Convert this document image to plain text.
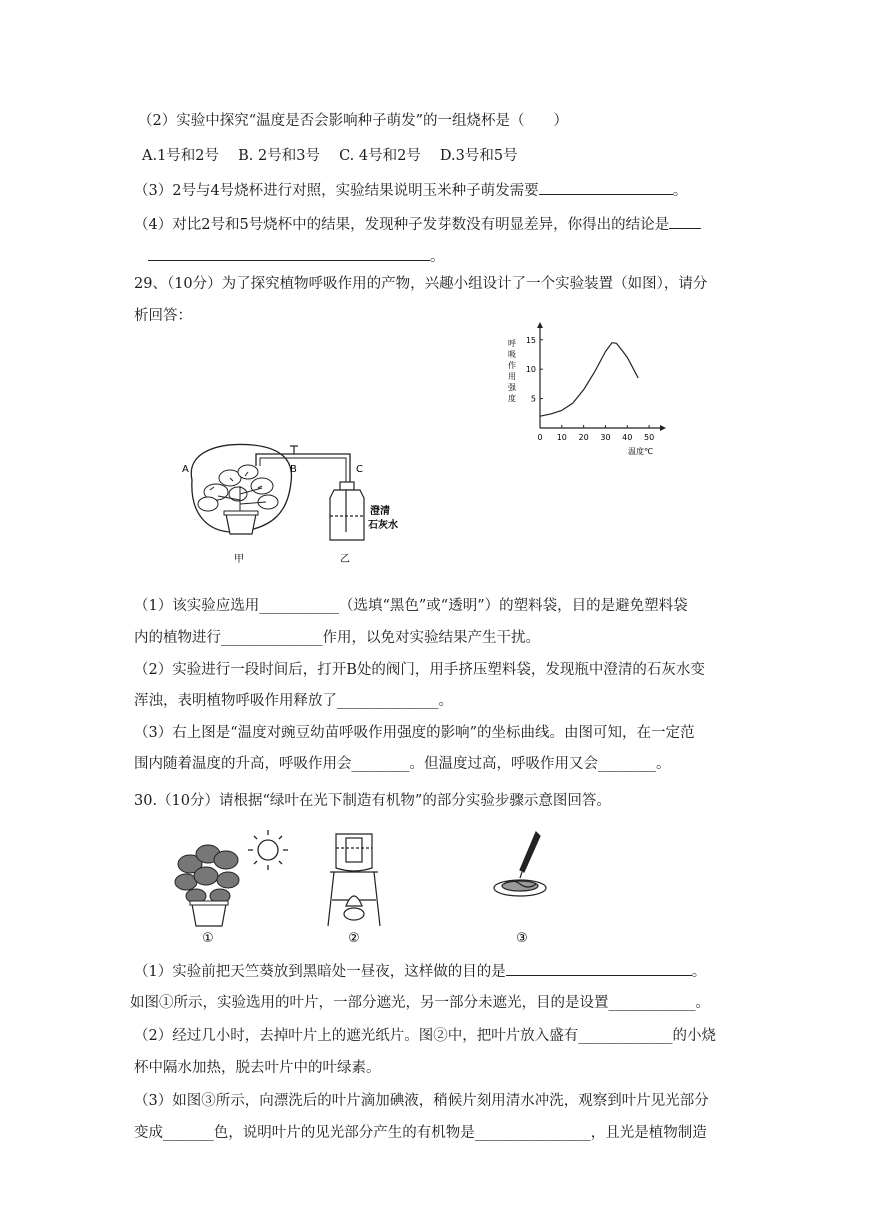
（2）实验中探究“温度是否会影响种子萌发”的一组烧杯是（　　）
A.1号和2号　 B. 2号和3号　 C. 4号和2号　 D.3号和5号
（3）2号与4号烧杯进行对照，实验结果说明玉米种子萌发需要	。
（4）对比2号和5号烧杯中的结果，发现种子发芽数没有明显差异，你得出的结论是
。
29、（10分）为了探究植物呼吸作用的产物，兴趣小组设计了一个实验装置（如图），请分
析回答：
0 10 20 30 40 50
5
10
15
呼
吸
作
用
强
度
温度℃
A	B	C
澄清
石灰水
甲	乙
（1）该实验应选用___________（选填“黑色”或“透明”）的塑料袋，目的是避免塑料袋
内的植物进行______________作用，以免对实验结果产生干扰。
（2）实验进行一段时间后，打开B处的阀门，用手挤压塑料袋，发现瓶中澄清的石灰水变
浑浊，表明植物呼吸作用释放了______________。
（3）右上图是“温度对豌豆幼苗呼吸作用强度的影响”的坐标曲线。由图可知，在一定范
围内随着温度的升高，呼吸作用会________。但温度过高，呼吸作用又会________。
30.（10分）请根据“绿叶在光下制造有机物”的部分实验步骤示意图回答。
①	②	③
（1）实验前把天竺葵放到黑暗处一昼夜，这样做的目的是	。
如图①所示，实验选用的叶片，一部分遮光，另一部分未遮光，目的是设置____________。
（2）经过几小时，去掉叶片上的遮光纸片。图②中，把叶片放入盛有_____________的小烧
杯中隔水加热，脱去叶片中的叶绿素。
（3）如图③所示，向漂洗后的叶片滴加碘液，稍候片刻用清水冲洗，观察到叶片见光部分
变成_______色，说明叶片的见光部分产生的有机物是________________，且光是植物制造
